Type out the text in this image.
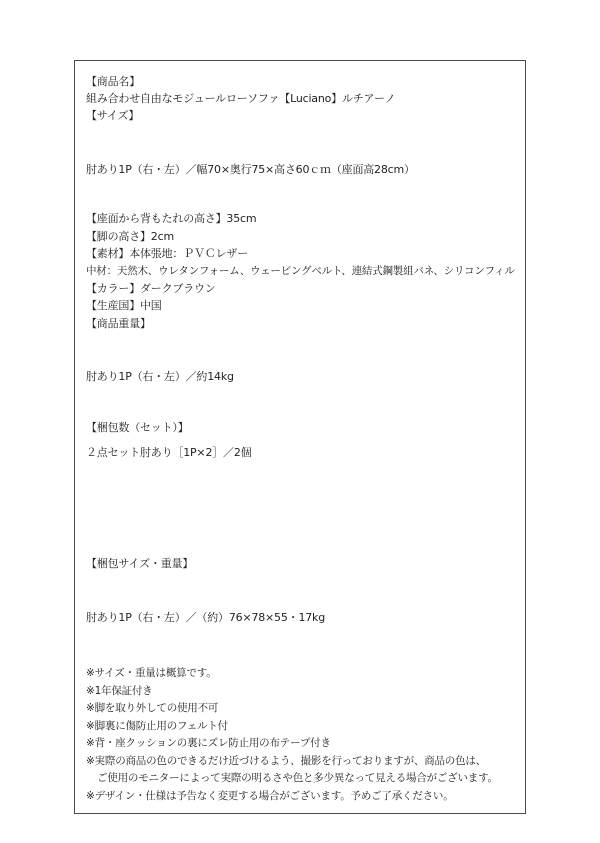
【商品名】
組み合わせ自由なモジュールローソファ【Luciano】ルチアーノ
【サイズ】
肘あり1P（右・左）／幅70×奥行75×高さ60ｃｍ（座面高28cm）
【座面から背もたれの高さ】35cm
【脚の高さ】2cm
【素材】本体張地：ＰＶＣレザー
中材：天然木、ウレタンフォーム、ウェービングベルト、連結式鋼製組バネ、シリコンフィル
【カラー】ダークブラウン
【生産国】中国
【商品重量】
肘あり1P（右・左）／約14kg
【梱包数（セット）】
２点セット肘あり［1P×2］／2個
【梱包サイズ・重量】
肘あり1P（右・左）／（約）76×78×55・17kg
※サイズ・重量は概算です。
※1年保証付き
※脚を取り外しての使用不可
※脚裏に傷防止用のフェルト付
※背・座クッションの裏にズレ防止用の布テープ付き
※実際の商品の色のできるだけ近づけるよう、撮影を行っておりますが、商品の色は、
ご使用のモニターによって実際の明るさや色と多少異なって見える場合がございます。
※デザイン・仕様は予告なく変更する場合がございます。予めご了承ください。
